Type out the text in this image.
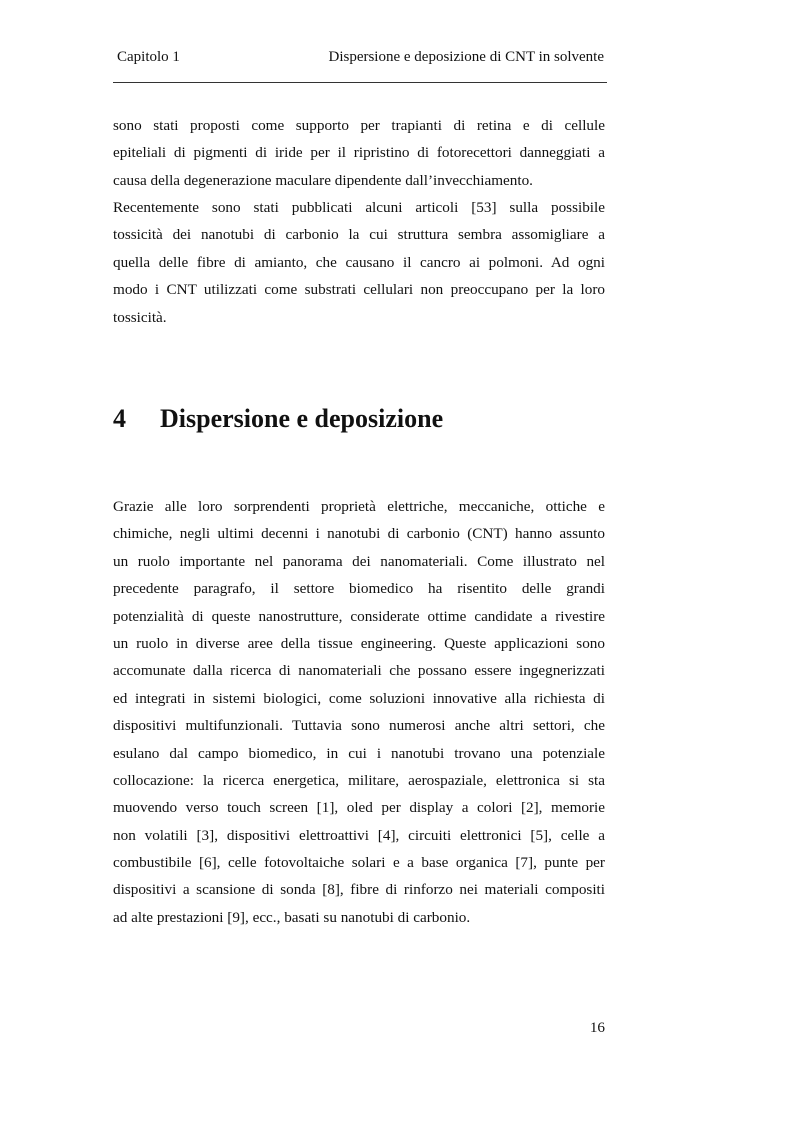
Capitolo 1	Dispersione e deposizione di CNT in solvente
sono stati proposti come supporto per trapianti di retina e di cellule
epiteliali di pigmenti di iride per il ripristino di fotorecettori danneggiati a
causa della degenerazione maculare dipendente dall’invecchiamento.
Recentemente sono stati pubblicati alcuni articoli [53] sulla possibile
tossicità dei nanotubi di carbonio la cui struttura sembra assomigliare a
quella delle fibre di amianto, che causano il cancro ai polmoni. Ad ogni
modo i CNT utilizzati come substrati cellulari non preoccupano per la loro
tossicità.
4 Dispersione e deposizione
Grazie alle loro sorprendenti proprietà elettriche, meccaniche, ottiche e
chimiche, negli ultimi decenni i nanotubi di carbonio (CNT) hanno assunto
un ruolo importante nel panorama dei nanomateriali. Come illustrato nel
precedente paragrafo, il settore biomedico ha risentito delle grandi
potenzialità di queste nanostrutture, considerate ottime candidate a rivestire
un ruolo in diverse aree della tissue engineering. Queste applicazioni sono
accomunate dalla ricerca di nanomateriali che possano essere ingegnerizzati
ed integrati in sistemi biologici, come soluzioni innovative alla richiesta di
dispositivi multifunzionali. Tuttavia sono numerosi anche altri settori, che
esulano dal campo biomedico, in cui i nanotubi trovano una potenziale
collocazione: la ricerca energetica, militare, aerospaziale, elettronica si sta
muovendo verso touch screen [1], oled per display a colori [2], memorie
non volatili [3], dispositivi elettroattivi [4], circuiti elettronici [5], celle a
combustibile [6], celle fotovoltaiche solari e a base organica [7], punte per
dispositivi a scansione di sonda [8], fibre di rinforzo nei materiali compositi
ad alte prestazioni [9], ecc., basati su nanotubi di carbonio.
16
